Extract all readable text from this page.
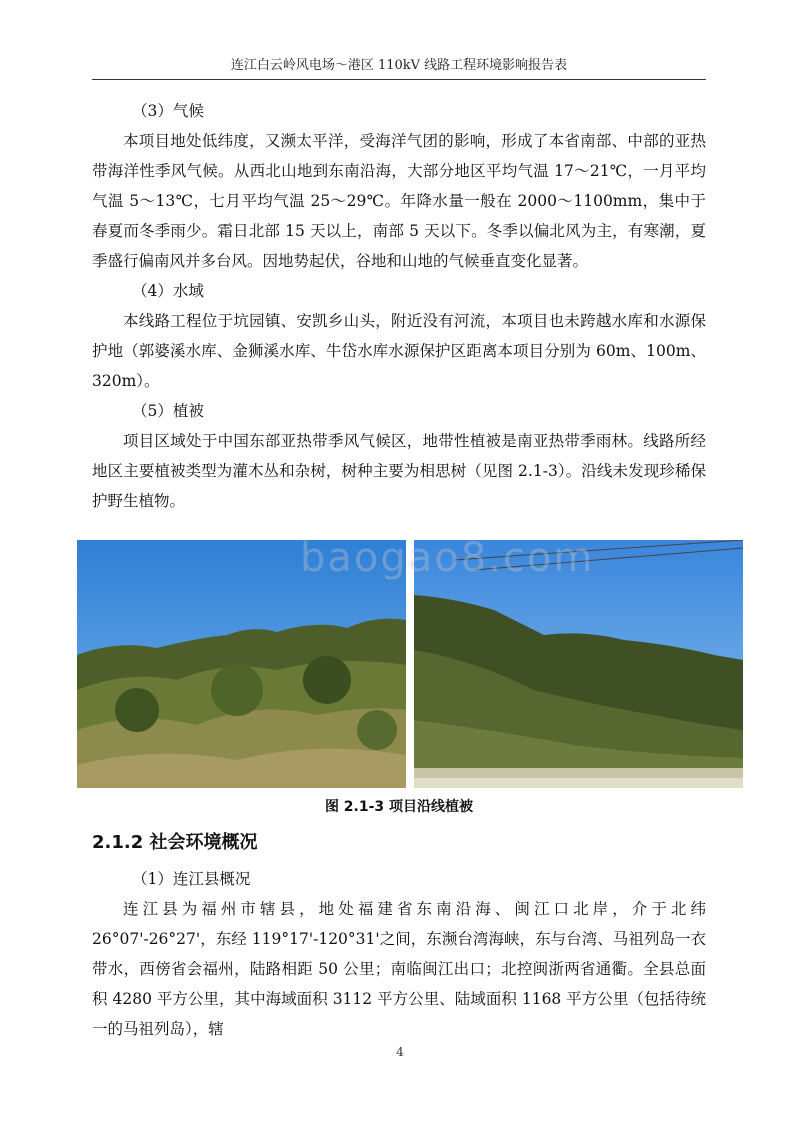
连江白云岭风电场～港区 110kV 线路工程环境影响报告表

（3）气候

本项目地处低纬度，又濒太平洋，受海洋气团的影响，形成了本省南部、中部的亚热带海洋性季风气候。从西北山地到东南沿海，大部分地区平均气温 17～21℃，一月平均气温 5～13℃，七月平均气温 25～29℃。年降水量一般在 2000～1100mm，集中于春夏而冬季雨少。霜日北部 15 天以上，南部 5 天以下。冬季以偏北风为主，有寒潮，夏季盛行偏南风并多台风。因地势起伏，谷地和山地的气候垂直变化显著。

（4）水域

本线路工程位于坑园镇、安凯乡山头，附近没有河流，本项目也未跨越水库和水源保护地（郭婆溪水库、金狮溪水库、牛岱水库水源保护区距离本项目分别为 60m、100m、320m）。

（5）植被

项目区域处于中国东部亚热带季风气候区，地带性植被是南亚热带季雨林。线路所经地区主要植被类型为灌木丛和杂树，树种主要为相思树（见图 2.1-3）。沿线未发现珍稀保护野生植物。

baogao8.com
图 2.1-3 项目沿线植被
2.1.2 社会环境概况

（1）连江县概况

连江县为福州市辖县，地处福建省东南沿海、闽江口北岸，介于北纬 26°07'-26°27'，东经 119°17'-120°31'之间，东濒台湾海峡，东与台湾、马祖列岛一衣带水，西傍省会福州，陆路相距 50 公里；南临闽江出口；北控闽浙两省通衢。全县总面积 4280 平方公里，其中海域面积 3112 平方公里、陆域面积 1168 平方公里（包括待统一的马祖列岛），辖

4
